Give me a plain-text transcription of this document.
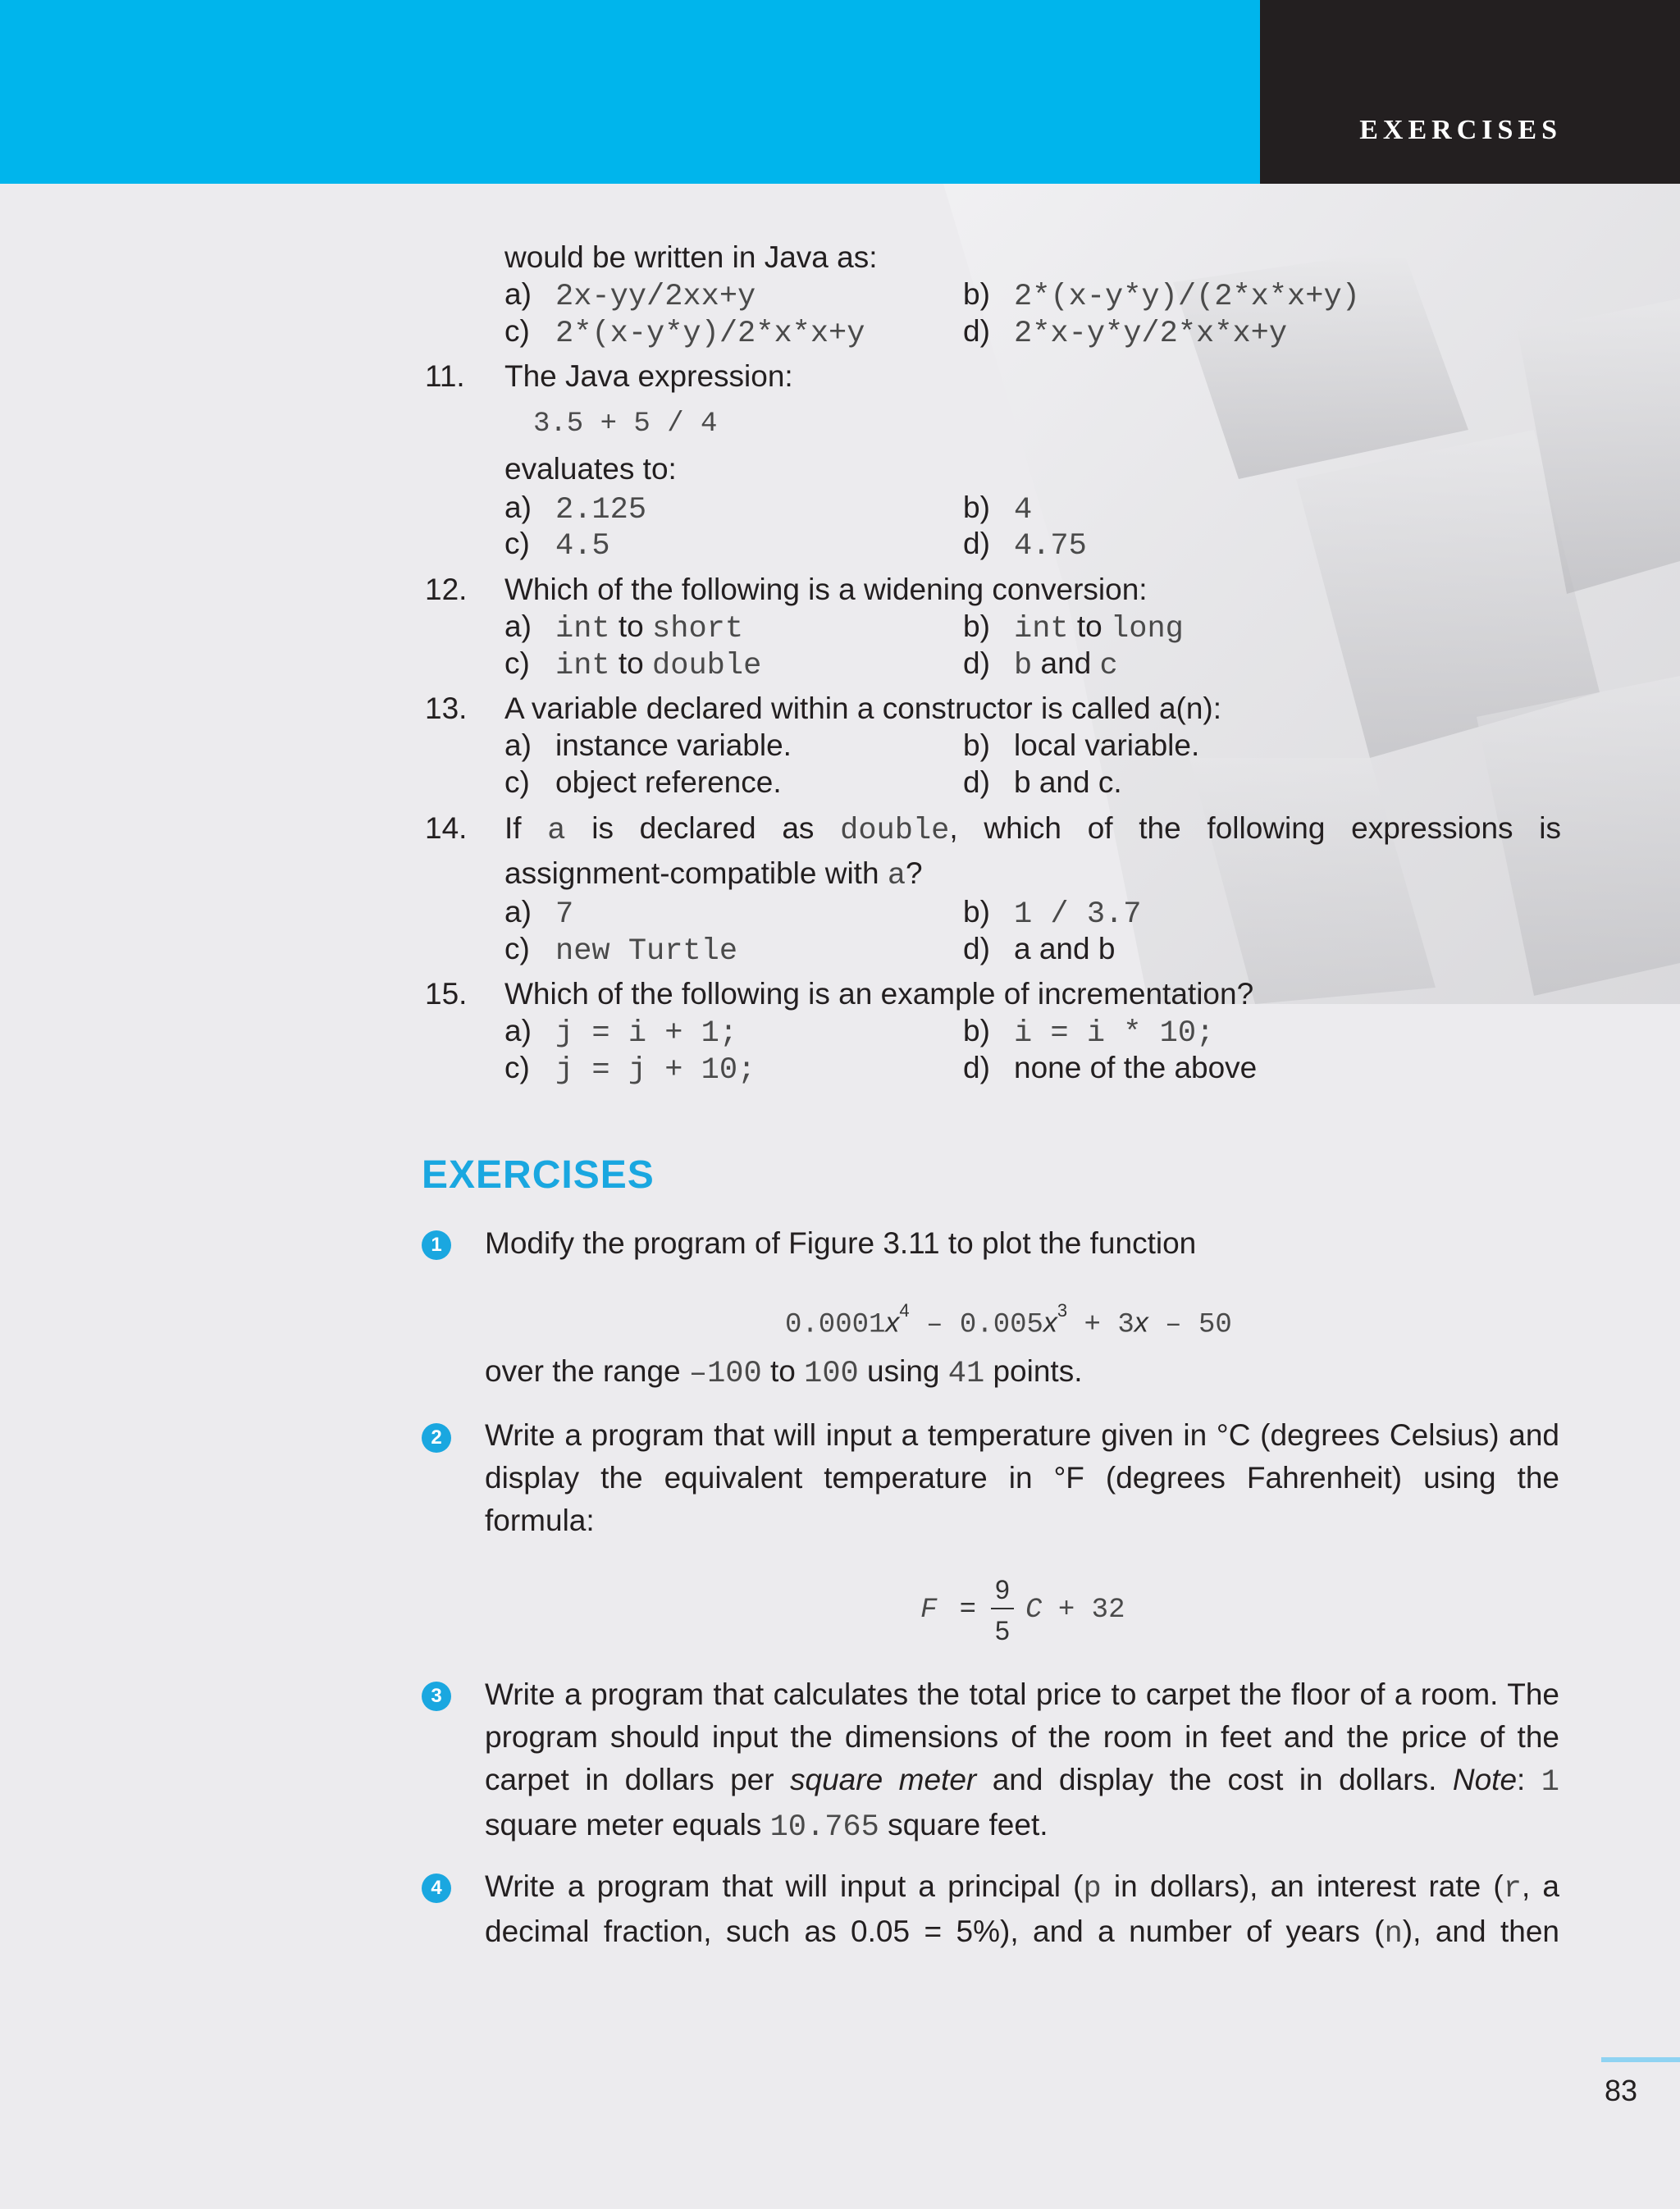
EXERCISES
would be written in Java as:
a) 2x-yy/2xx+y	b) 2*(x-y*y)/(2*x*x+y)
c) 2*(x-y*y)/2*x*x+y	d) 2*x-y*y/2*x*x+y
11. The Java expression:
3.5 + 5 / 4
evaluates to:
a) 2.125	b) 4
c) 4.5	d) 4.75
12. Which of the following is a widening conversion:
a) int to short	b) int to long
c) int to double	d) b and c
13. A variable declared within a constructor is called a(n):
a) instance variable.	b) local variable.
c) object reference.	d) b and c.
14. If a is declared as double, which of the following expressions is
assignment-compatible with a?
a) 7	b) 1 / 3.7
c) new Turtle	d) a and b
15. Which of the following is an example of incrementation?
a) j = i + 1;	b) i = i * 10;
c) j = j + 10;	d) none of the above
EXERCISES
1	Modify the program of Figure 3.11 to plot the function
$0.0001x^4 - 0.005x^3 + 3x - 50$
over the range –100 to 100 using 41 points.
2	Write a program that will input a temperature given in °C (degrees Celsius) and display the equivalent temperature in °F (degrees Fahrenheit) using the formula:
F =
9
5
C + 32
3	Write a program that calculates the total price to carpet the floor of a room. The program should input the dimensions of the room in feet and the price of the carpet in dollars per square meter and display the cost in dollars. Note: 1 square meter equals 10.765 square feet.
4	Write a program that will input a principal (p in dollars), an interest rate (r, a decimal fraction, such as 0.05 = 5%), and a number of years (n), and then
83
